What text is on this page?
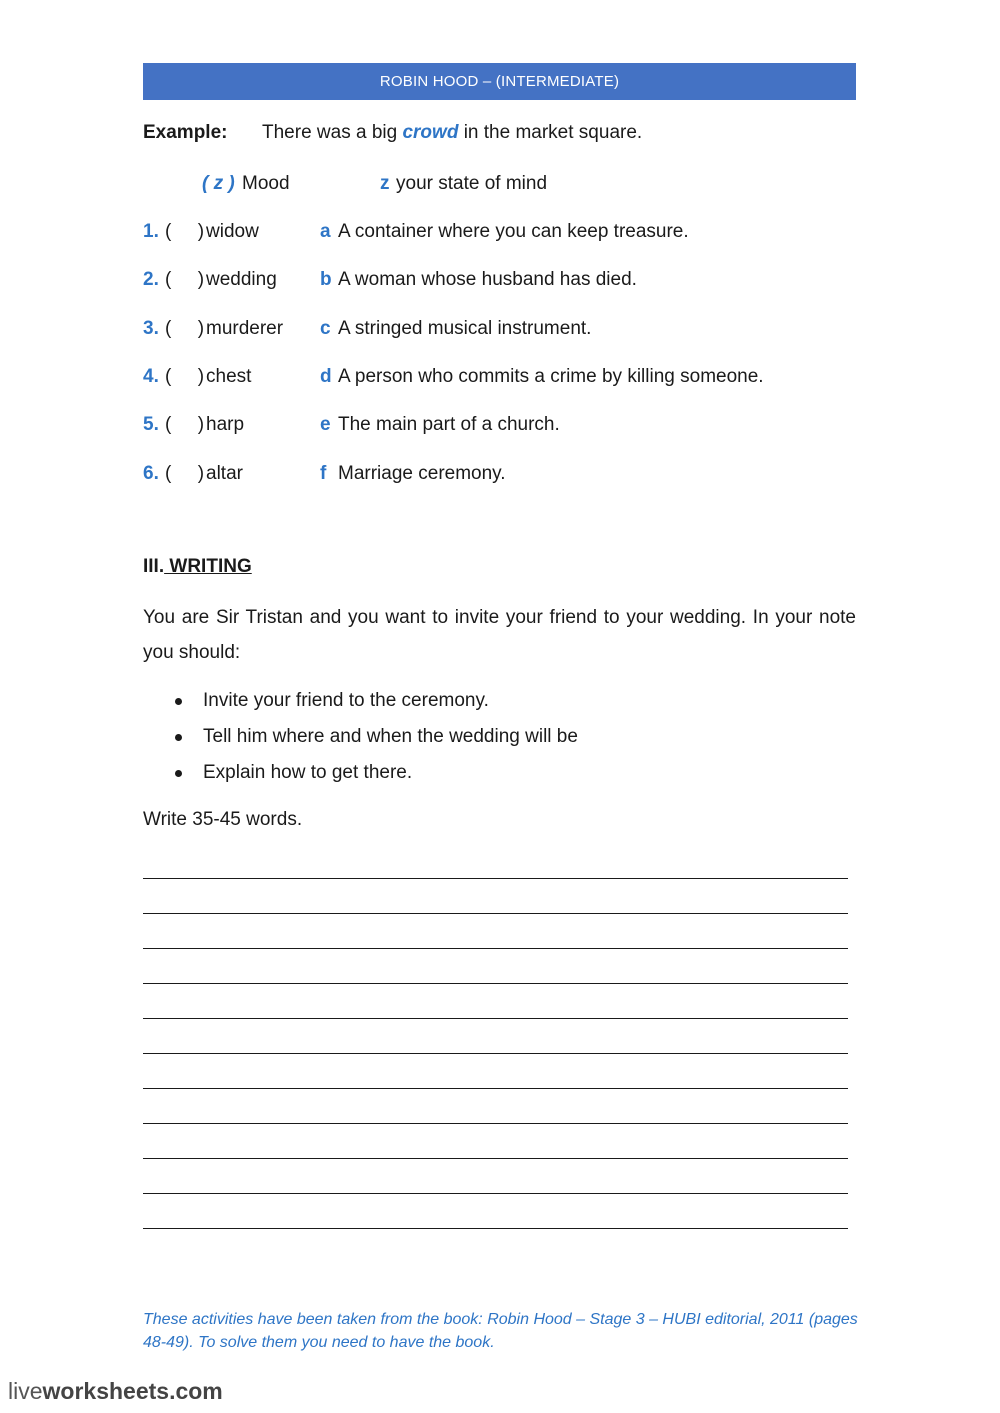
ROBIN HOOD – (INTERMEDIATE)
Example: There was a big crowd in the market square.
( z ) Mood	z your state of mind
1. (     ) widow	a A container where you can keep treasure.
2. (     ) wedding b A woman whose husband has died.
3. (     ) murderer c A stringed musical instrument.
4. (     ) chest	d A person who commits a crime by killing someone.
5. (     ) harp	e The main part of a church.
6. (     ) altar	f Marriage ceremony.
III. WRITING
You are Sir Tristan and you want to invite your friend to your wedding. In your note you should:
Invite your friend to the ceremony.
Tell him where and when the wedding will be
Explain how to get there.
Write 35-45 words.
These activities have been taken from the book: Robin Hood – Stage 3 – HUBI editorial, 2011 (pages 48-49). To solve them you need to have the book.
liveworksheets.com
